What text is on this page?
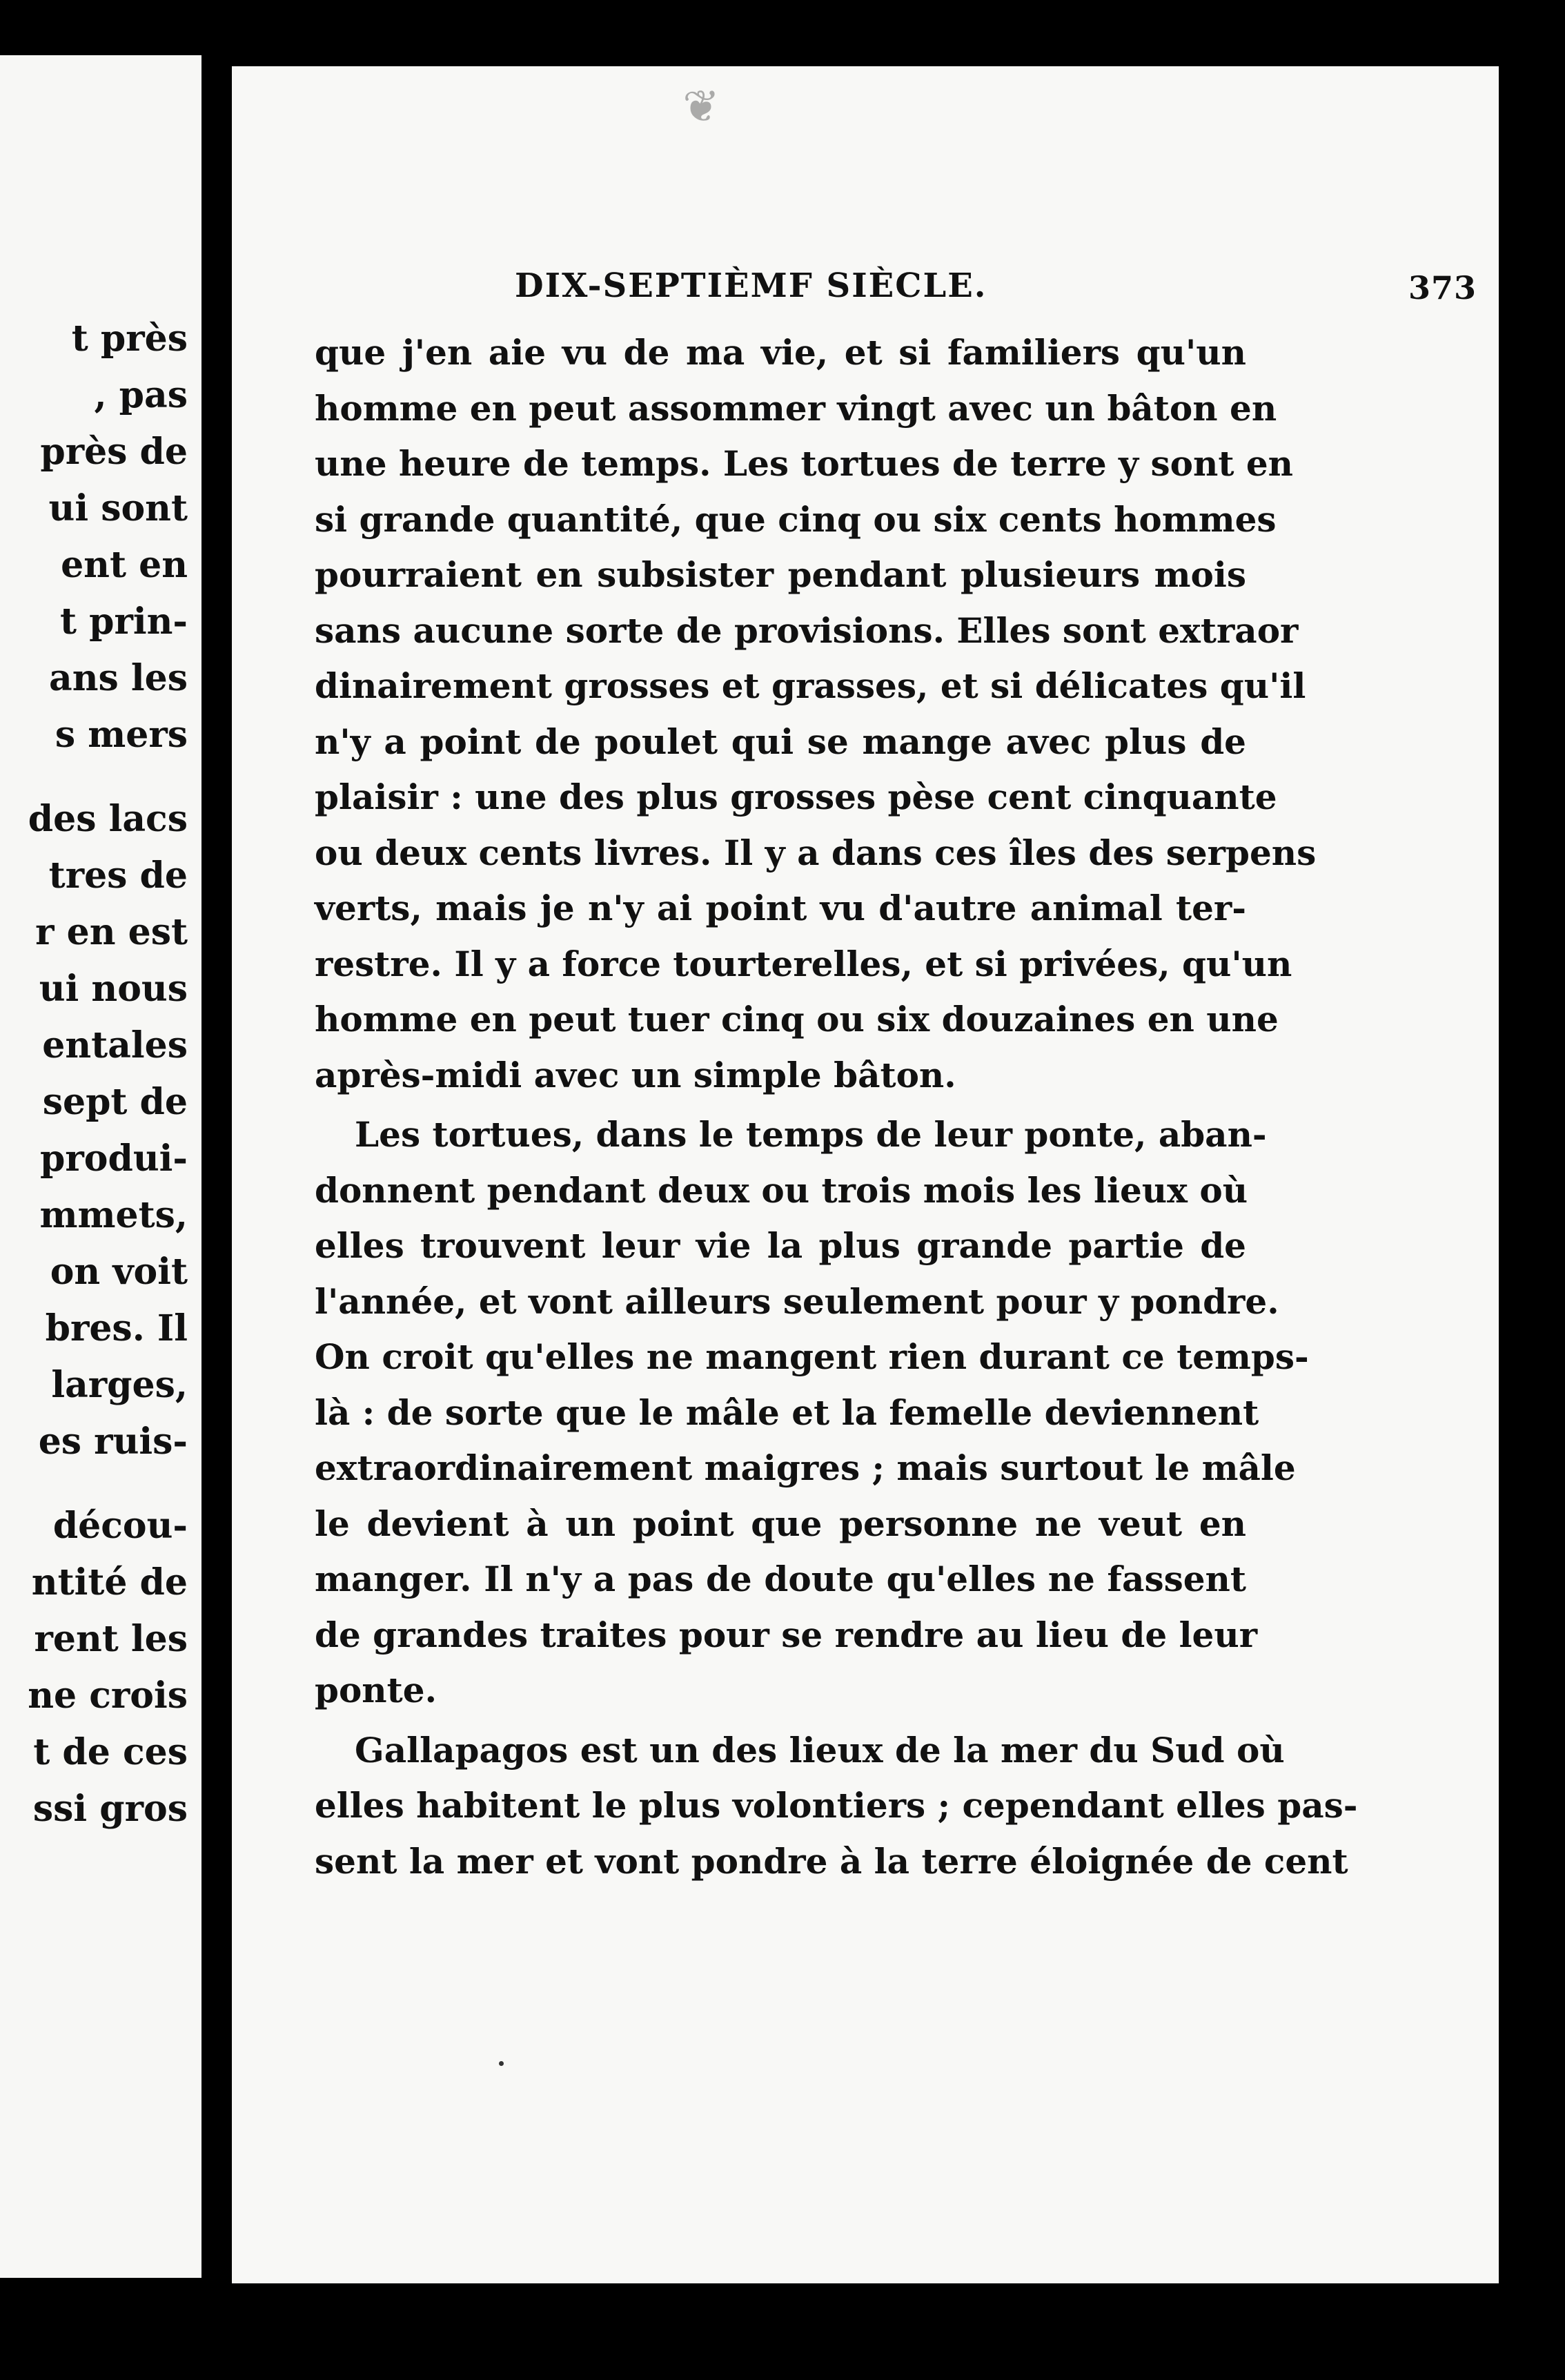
t près
, pas
près de
ui sont
ent en
t prin-
ans les
s mers
des lacs
tres de
r en est
ui nous
entales
sept de
produi-
mmets,
on voit
bres. Il
larges,
es ruis-
décou-
ntité de
rent les
ne crois
t de ces
ssi gros
❦
DIX-SEPTIÈMF SIÈCLE.	373
que j'en aie vu de ma vie, et si familiers qu'un
homme en peut assommer vingt avec un bâton en
une heure de temps. Les tortues de terre y sont en
si grande quantité, que cinq ou six cents hommes
pourraient en subsister pendant plusieurs mois
sans aucune sorte de provisions. Elles sont extraor
dinairement grosses et grasses, et si délicates qu'il
n'y a point de poulet qui se mange avec plus de
plaisir : une des plus grosses pèse cent cinquante
ou deux cents livres. Il y a dans ces îles des serpens
verts, mais je n'y ai point vu d'autre animal ter-
restre. Il y a force tourterelles, et si privées, qu'un
homme en peut tuer cinq ou six douzaines en une
après-midi avec un simple bâton.
Les tortues, dans le temps de leur ponte, aban-
donnent pendant deux ou trois mois les lieux où
elles trouvent leur vie la plus grande partie de
l'année, et vont ailleurs seulement pour y pondre.
On croit qu'elles ne mangent rien durant ce temps-
là : de sorte que le mâle et la femelle deviennent
extraordinairement maigres ; mais surtout le mâle
le devient à un point que personne ne veut en
manger. Il n'y a pas de doute qu'elles ne fassent
de grandes traites pour se rendre au lieu de leur
ponte.
Gallapagos est un des lieux de la mer du Sud où
elles habitent le plus volontiers ; cependant elles pas-
sent la mer et vont pondre à la terre éloignée de cent
